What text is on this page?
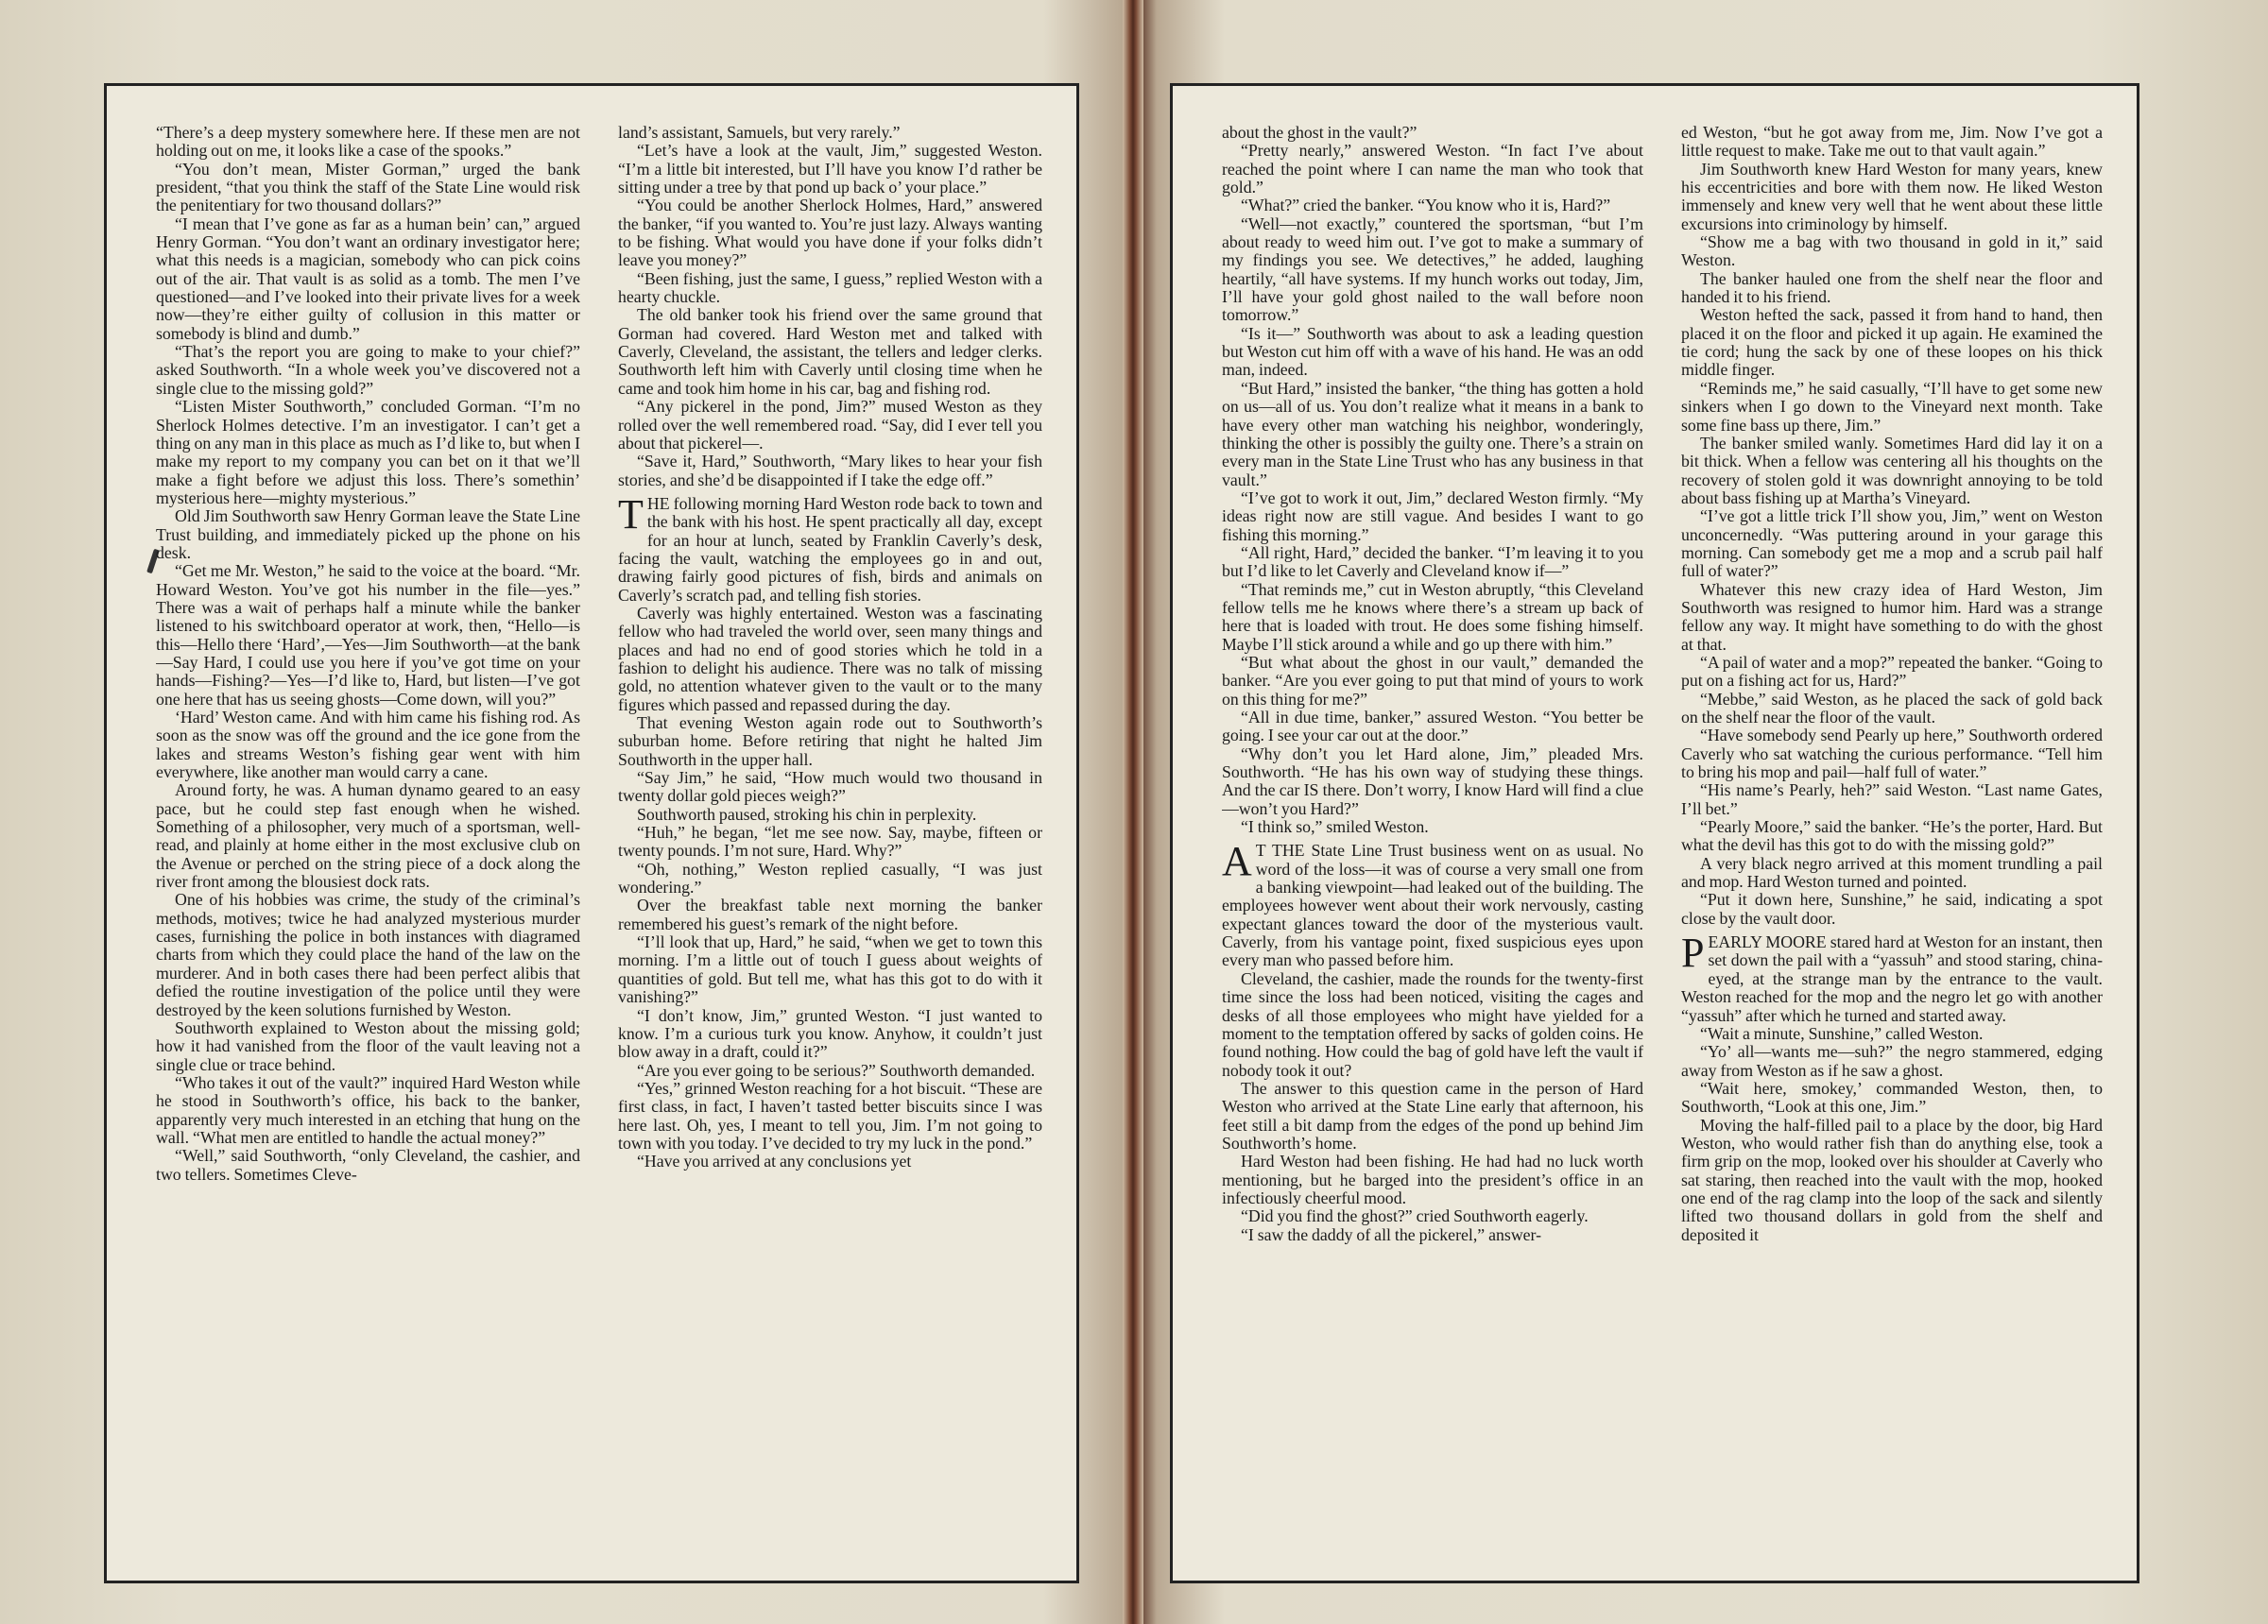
“There’s a deep mystery somewhere here. If these men are not holding out on me, it looks like a case of the spooks.”

“You don’t mean, Mister Gorman,” urged the bank president, “that you think the staff of the State Line would risk the penitentiary for two thousand dollars?”

“I mean that I’ve gone as far as a human bein’ can,” argued Henry Gorman. “You don’t want an ordinary investigator here; what this needs is a magician, somebody who can pick coins out of the air. That vault is as solid as a tomb. The men I’ve questioned—and I’ve looked into their private lives for a week now—they’re either guilty of collusion in this matter or somebody is blind and dumb.”

“That’s the report you are going to make to your chief?” asked Southworth. “In a whole week you’ve discovered not a single clue to the missing gold?”

“Listen Mister Southworth,” concluded Gorman. “I’m no Sherlock Holmes detective. I’m an investigator. I can’t get a thing on any man in this place as much as I’d like to, but when I make my report to my company you can bet on it that we’ll make a fight before we adjust this loss. There’s somethin’ mysterious here—mighty mysterious.”

Old Jim Southworth saw Henry Gorman leave the State Line Trust building, and immediately picked up the phone on his desk.

“Get me Mr. Weston,” he said to the voice at the board. “Mr. Howard Weston. You’ve got his number in the file—yes.” There was a wait of perhaps half a minute while the banker listened to his switchboard operator at work, then, “Hello—is this—Hello there ‘Hard’,—Yes—Jim Southworth—at the bank—Say Hard, I could use you here if you’ve got time on your hands—Fishing?—Yes—I’d like to, Hard, but listen—I’ve got one here that has us seeing ghosts—Come down, will you?”

‘Hard’ Weston came. And with him came his fishing rod. As soon as the snow was off the ground and the ice gone from the lakes and streams Weston’s fishing gear went with him everywhere, like another man would carry a cane.

Around forty, he was. A human dynamo geared to an easy pace, but he could step fast enough when he wished. Something of a philosopher, very much of a sportsman, well-read, and plainly at home either in the most exclusive club on the Avenue or perched on the string piece of a dock along the river front among the blousiest dock rats.

One of his hobbies was crime, the study of the criminal’s methods, motives; twice he had analyzed mysterious murder cases, furnishing the police in both instances with diagramed charts from which they could place the hand of the law on the murderer. And in both cases there had been perfect alibis that defied the routine investigation of the police until they were destroyed by the keen solutions furnished by Weston.

Southworth explained to Weston about the missing gold; how it had vanished from the floor of the vault leaving not a single clue or trace behind.

“Who takes it out of the vault?” inquired Hard Weston while he stood in Southworth’s office, his back to the banker, apparently very much interested in an etching that hung on the wall. “What men are entitled to handle the actual money?”

“Well,” said Southworth, “only Cleveland, the cashier, and two tellers. Sometimes Cleve-

land’s assistant, Samuels, but very rarely.”

“Let’s have a look at the vault, Jim,” suggested Weston. “I’m a little bit interested, but I’ll have you know I’d rather be sitting under a tree by that pond up back o’ your place.”

“You could be another Sherlock Holmes, Hard,” answered the banker, “if you wanted to. You’re just lazy. Always wanting to be fishing. What would you have done if your folks didn’t leave you money?”

“Been fishing, just the same, I guess,” replied Weston with a hearty chuckle.

The old banker took his friend over the same ground that Gorman had covered. Hard Weston met and talked with Caverly, Cleveland, the assistant, the tellers and ledger clerks. Southworth left him with Caverly until closing time when he came and took him home in his car, bag and fishing rod.

“Any pickerel in the pond, Jim?” mused Weston as they rolled over the well remembered road. “Say, did I ever tell you about that pickerel—.

“Save it, Hard,” Southworth, “Mary likes to hear your fish stories, and she’d be disappointed if I take the edge off.”

THE following morning Hard Weston rode back to town and the bank with his host. He spent practically all day, except for an hour at lunch, seated by Franklin Caverly’s desk, facing the vault, watching the employees go in and out, drawing fairly good pictures of fish, birds and animals on Caverly’s scratch pad, and telling fish stories.

Caverly was highly entertained. Weston was a fascinating fellow who had traveled the world over, seen many things and places and had no end of good stories which he told in a fashion to delight his audience. There was no talk of missing gold, no attention whatever given to the vault or to the many figures which passed and repassed during the day.

That evening Weston again rode out to Southworth’s suburban home. Before retiring that night he halted Jim Southworth in the upper hall.

“Say Jim,” he said, “How much would two thousand in twenty dollar gold pieces weigh?”

Southworth paused, stroking his chin in perplexity.

“Huh,” he began, “let me see now. Say, maybe, fifteen or twenty pounds. I’m not sure, Hard. Why?”

“Oh, nothing,” Weston replied casually, “I was just wondering.”

Over the breakfast table next morning the banker remembered his guest’s remark of the night before.

“I’ll look that up, Hard,” he said, “when we get to town this morning. I’m a little out of touch I guess about weights of quantities of gold. But tell me, what has this got to do with it vanishing?”

“I don’t know, Jim,” grunted Weston. “I just wanted to know. I’m a curious turk you know. Anyhow, it couldn’t just blow away in a draft, could it?”

“Are you ever going to be serious?” Southworth demanded.

“Yes,” grinned Weston reaching for a hot biscuit. “These are first class, in fact, I haven’t tasted better biscuits since I was here last. Oh, yes, I meant to tell you, Jim. I’m not going to town with you today. I’ve decided to try my luck in the pond.”

“Have you arrived at any conclusions yet

about the ghost in the vault?”

“Pretty nearly,” answered Weston. “In fact I’ve about reached the point where I can name the man who took that gold.”

“What?” cried the banker. “You know who it is, Hard?”

“Well—not exactly,” countered the sportsman, “but I’m about ready to weed him out. I’ve got to make a summary of my findings you see. We detectives,” he added, laughing heartily, “all have systems. If my hunch works out today, Jim, I’ll have your gold ghost nailed to the wall before noon tomorrow.”

“Is it—” Southworth was about to ask a leading question but Weston cut him off with a wave of his hand. He was an odd man, indeed.

“But Hard,” insisted the banker, “the thing has gotten a hold on us—all of us. You don’t realize what it means in a bank to have every other man watching his neighbor, wonderingly, thinking the other is possibly the guilty one. There’s a strain on every man in the State Line Trust who has any business in that vault.”

“I’ve got to work it out, Jim,” declared Weston firmly. “My ideas right now are still vague. And besides I want to go fishing this morning.”

“All right, Hard,” decided the banker. “I’m leaving it to you but I’d like to let Caverly and Cleveland know if—”

“That reminds me,” cut in Weston abruptly, “this Cleveland fellow tells me he knows where there’s a stream up back of here that is loaded with trout. He does some fishing himself. Maybe I’ll stick around a while and go up there with him.”

“But what about the ghost in our vault,” demanded the banker. “Are you ever going to put that mind of yours to work on this thing for me?”

“All in due time, banker,” assured Weston. “You better be going. I see your car out at the door.”

“Why don’t you let Hard alone, Jim,” pleaded Mrs. Southworth. “He has his own way of studying these things. And the car IS there. Don’t worry, I know Hard will find a clue—won’t you Hard?”

“I think so,” smiled Weston.

AT THE State Line Trust business went on as usual. No word of the loss—it was of course a very small one from a banking viewpoint—had leaked out of the building. The employees however went about their work nervously, casting expectant glances toward the door of the mysterious vault. Caverly, from his vantage point, fixed suspicious eyes upon every man who passed before him.

Cleveland, the cashier, made the rounds for the twenty-first time since the loss had been noticed, visiting the cages and desks of all those employees who might have yielded for a moment to the temptation offered by sacks of golden coins. He found nothing. How could the bag of gold have left the vault if nobody took it out?

The answer to this question came in the person of Hard Weston who arrived at the State Line early that afternoon, his feet still a bit damp from the edges of the pond up behind Jim Southworth’s home.

Hard Weston had been fishing. He had had no luck worth mentioning, but he barged into the president’s office in an infectiously cheerful mood.

“Did you find the ghost?” cried Southworth eagerly.

“I saw the daddy of all the pickerel,” answer-

ed Weston, “but he got away from me, Jim. Now I’ve got a little request to make. Take me out to that vault again.”

Jim Southworth knew Hard Weston for many years, knew his eccentricities and bore with them now. He liked Weston immensely and knew very well that he went about these little excursions into criminology by himself.

“Show me a bag with two thousand in gold in it,” said Weston.

The banker hauled one from the shelf near the floor and handed it to his friend.

Weston hefted the sack, passed it from hand to hand, then placed it on the floor and picked it up again. He examined the tie cord; hung the sack by one of these loopes on his thick middle finger.

“Reminds me,” he said casually, “I’ll have to get some new sinkers when I go down to the Vineyard next month. Take some fine bass up there, Jim.”

The banker smiled wanly. Sometimes Hard did lay it on a bit thick. When a fellow was centering all his thoughts on the recovery of stolen gold it was downright annoying to be told about bass fishing up at Martha’s Vineyard.

“I’ve got a little trick I’ll show you, Jim,” went on Weston unconcernedly. “Was puttering around in your garage this morning. Can somebody get me a mop and a scrub pail half full of water?”

Whatever this new crazy idea of Hard Weston, Jim Southworth was resigned to humor him. Hard was a strange fellow any way. It might have something to do with the ghost at that.

“A pail of water and a mop?” repeated the banker. “Going to put on a fishing act for us, Hard?”

“Mebbe,” said Weston, as he placed the sack of gold back on the shelf near the floor of the vault.

“Have somebody send Pearly up here,” Southworth ordered Caverly who sat watching the curious performance. “Tell him to bring his mop and pail—half full of water.”

“His name’s Pearly, heh?” said Weston. “Last name Gates, I’ll bet.”

“Pearly Moore,” said the banker. “He’s the porter, Hard. But what the devil has this got to do with the missing gold?”

A very black negro arrived at this moment trundling a pail and mop. Hard Weston turned and pointed.

“Put it down here, Sunshine,” he said, indicating a spot close by the vault door.

PEARLY MOORE stared hard at Weston for an instant, then set down the pail with a “yassuh” and stood staring, china-eyed, at the strange man by the entrance to the vault. Weston reached for the mop and the negro let go with another “yassuh” after which he turned and started away.

“Wait a minute, Sunshine,” called Weston.

“Yo’ all—wants me—suh?” the negro stammered, edging away from Weston as if he saw a ghost.

“Wait here, smokey,’ commanded Weston, then, to Southworth, “Look at this one, Jim.”

Moving the half-filled pail to a place by the door, big Hard Weston, who would rather fish than do anything else, took a firm grip on the mop, looked over his shoulder at Caverly who sat staring, then reached into the vault with the mop, hooked one end of the rag clamp into the loop of the sack and silently lifted two thousand dollars in gold from the shelf and deposited it
